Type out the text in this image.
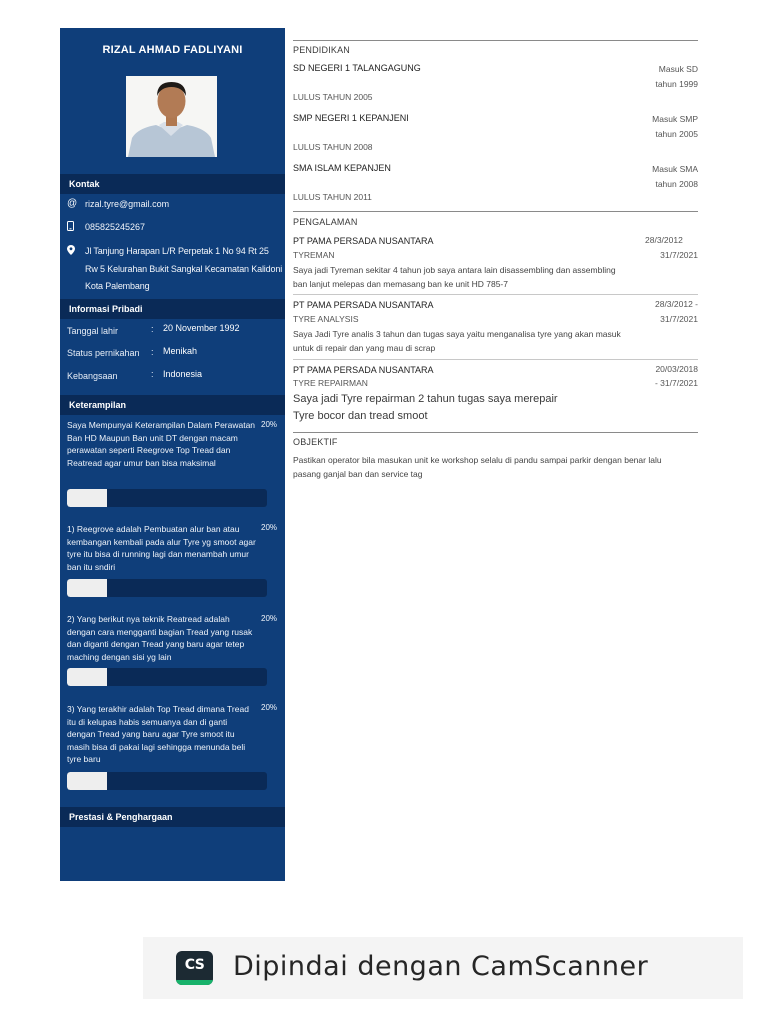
RIZAL AHMAD FADLIYANI
Kontak
@ rizal.tyre@gmail.com
085825245267
Jl Tanjung Harapan L/R Perpetak 1 No 94 Rt 25 Rw 5 Kelurahan Bukit Sangkal Kecamatan Kalidoni Kota Palembang
Informasi Pribadi
Tanggal lahir	: 20 November 1992
Status pernikahan : Menikah
Kebangsaan	: Indonesia
Keterampilan
Saya Mempunyai Keterampilan Dalam Perawatan Ban HD Maupun Ban unit DT dengan macam perawatan seperti Reegrove Top Tread dan Reatread agar umur ban bisa maksimal
20%
1) Reegrove adalah Pembuatan alur ban atau kembangan kembali pada alur Tyre yg smoot agar tyre itu bisa di running lagi dan menambah umur ban itu sndiri
20%
2) Yang berikut nya teknik Reatread adalah dengan cara mengganti bagian Tread yang rusak dan diganti dengan Tread yang baru agar tetep maching dengan sisi yg lain
20%
3) Yang terakhir adalah Top Tread dimana Tread itu di kelupas habis semuanya dan di ganti dengan Tread yang baru agar Tyre smoot itu masih bisa di pakai lagi sehingga menunda beli tyre baru
20%
Prestasi & Penghargaan
PENDIDIKAN
SD NEGERI 1 TALANGAGUNG	Masuk SD tahun 1999
LULUS TAHUN 2005
SMP NEGERI 1 KEPANJENI	Masuk SMP tahun 2005
LULUS TAHUN 2008
SMA ISLAM KEPANJEN	Masuk SMA tahun 2008
LULUS TAHUN 2011
PENGALAMAN
PT PAMA PERSADA NUSANTARA	28/3/2012
TYREMAN	31/7/2021
Saya jadi Tyreman sekitar 4 tahun job saya antara lain disassembling dan assembling ban lanjut melepas dan memasang ban ke unit HD 785-7
PT PAMA PERSADA NUSANTARA	28/3/2012 -
TYRE ANALYSIS	31/7/2021
Saya Jadi Tyre analis 3 tahun dan tugas saya yaitu menganalisa tyre yang akan masuk untuk di repair dan yang mau di scrap
PT PAMA PERSADA NUSANTARA	20/03/2018
TYRE REPAIRMAN	- 31/7/2021
Saya jadi Tyre repairman 2 tahun tugas saya merepair
Tyre bocor dan tread smoot
OBJEKTIF
Pastikan operator bila masukan unit ke workshop selalu di pandu sampai parkir dengan benar lalu pasang ganjal ban dan service tag
CS	Dipindai dengan CamScanner
